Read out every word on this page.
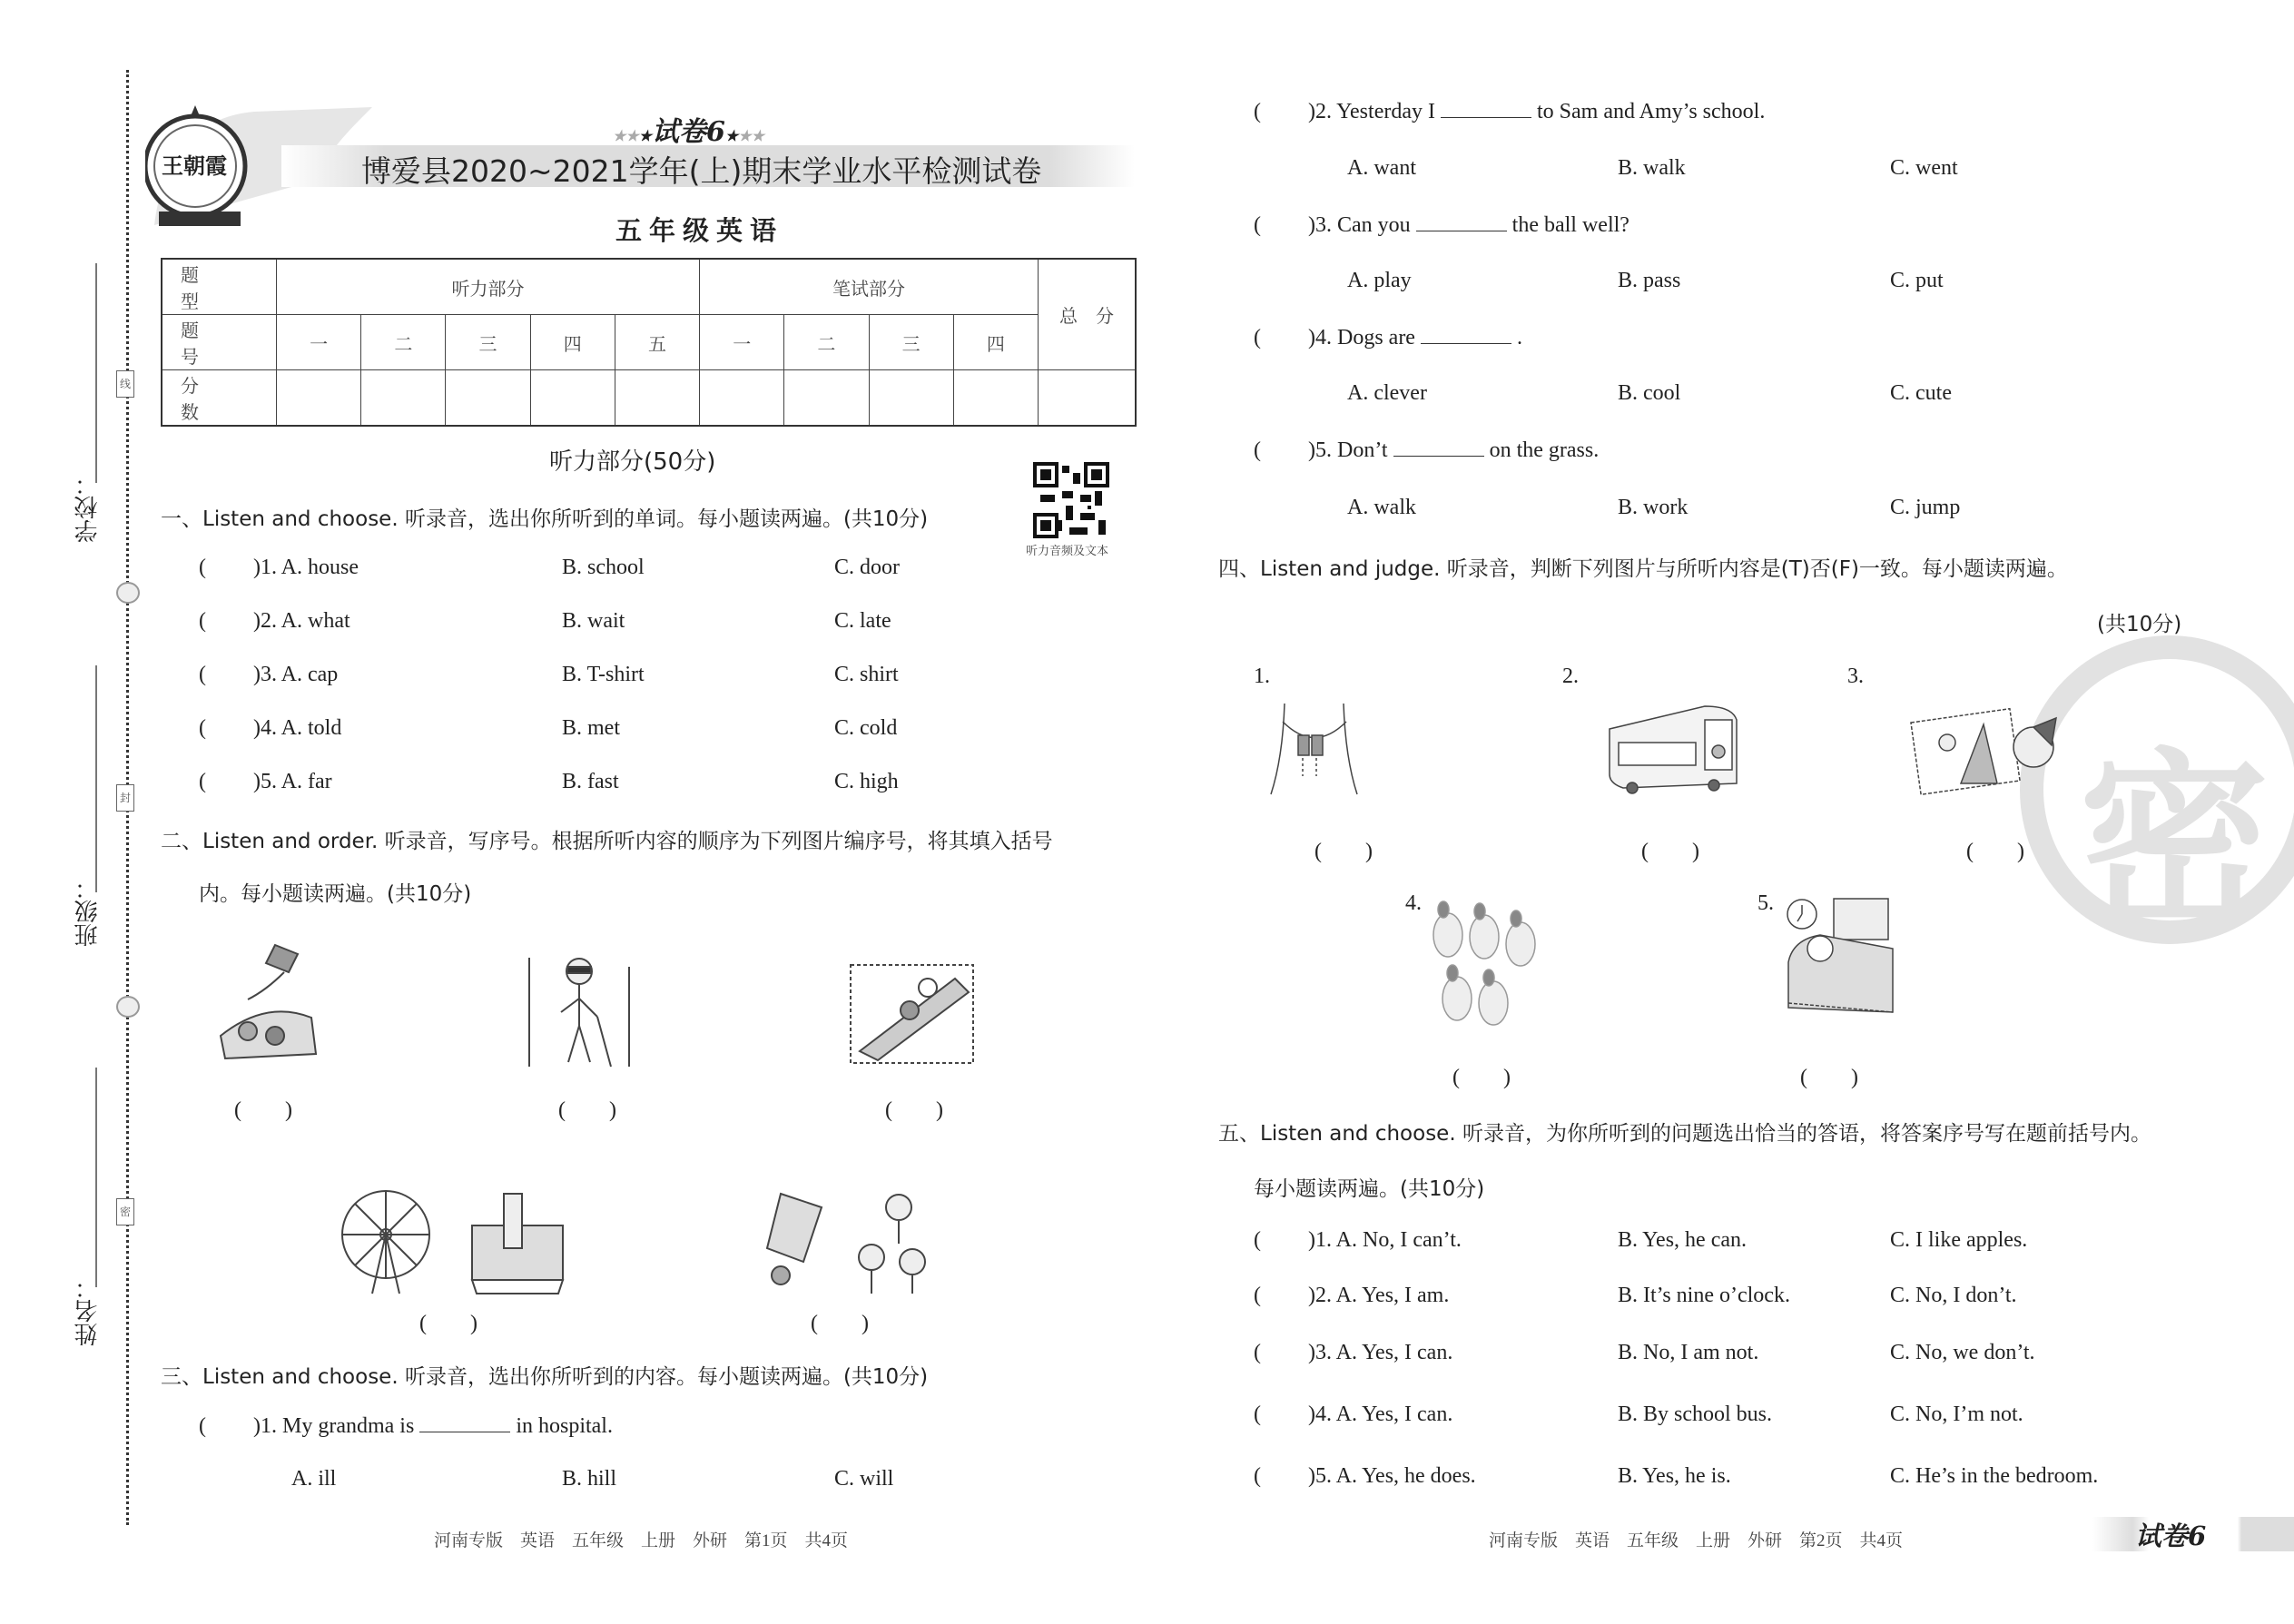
学校：
班级：
姓名：
线
封
密
王朝霞
★★★试卷6★★★
博爱县2020~2021学年(上)期末学业水平检测试卷
五年级英语
题　型	听力部分					笔试部分				总　分
题　号	一	二	三	四	五	一	二	三	四	
分　数										
听力部分(50分)
听力音频及文本
一、Listen and choose. 听录音，选出你所听到的单词。每小题读两遍。(共10分)
( )1. A. house	B. school	C. door
( )2. A. what	B. wait	C. late
( )3. A. cap	B. T-shirt	C. shirt
( )4. A. told	B. met	C. cold
( )5. A. far	B. fast	C. high
二、Listen and order. 听录音，写序号。根据所听内容的顺序为下列图片编序号，将其填入括号
内。每小题读两遍。(共10分)
(　　)	(　　)	(　　)
(　　)	(　　)
三、Listen and choose. 听录音，选出你所听到的内容。每小题读两遍。(共10分)
( )1. My grandma is	in hospital.
A. ill	B. hill	C. will
河南专版　英语　五年级　上册　外研　第1页　共4页
密
( )2. Yesterday I	to Sam and Amy’s school.
A. want	B. walk	C. went
( )3. Can you	the ball well?
A. play	B. pass	C. put
( )4. Dogs are	.
A. clever	B. cool	C. cute
( )5. Don’t	on the grass.
A. walk	B. work	C. jump
四、Listen and judge. 听录音，判断下列图片与所听内容是(T)否(F)一致。每小题读两遍。
(共10分)
1.	2.	3.
(　　)	(　　)	(　　)
4.	5.
(　　)	(　　)
五、Listen and choose. 听录音，为你所听到的问题选出恰当的答语，将答案序号写在题前括号内。
每小题读两遍。(共10分)
( )1. A. No, I can’t.	B. Yes, he can.	C. I like apples.
( )2. A. Yes, I am.	B. It’s nine o’clock.	C. No, I don’t.
( )3. A. Yes, I can.	B. No, I am not.	C. No, we don’t.
( )4. A. Yes, I can.	B. By school bus.	C. No, I’m not.
( )5. A. Yes, he does.	B. Yes, he is.	C. He’s in the bedroom.
河南专版　英语　五年级　上册　外研　第2页　共4页	试卷6
